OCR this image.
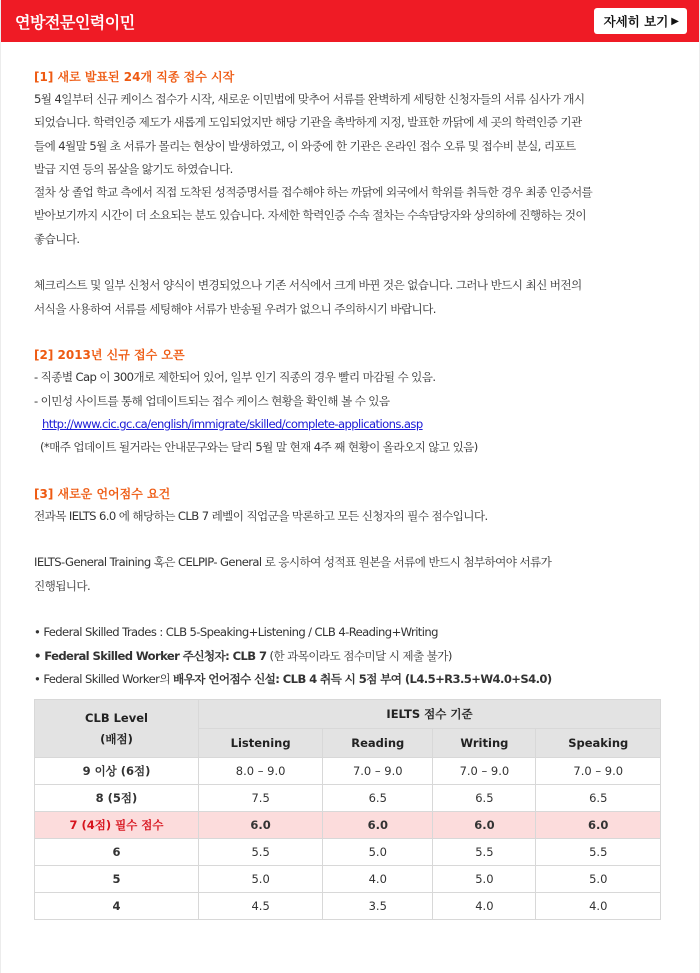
연방전문인력이민	자세히 보기 ▶
[1] 새로 발표된 24개 직종 접수 시작
5월 4일부터 신규 케이스 접수가 시작, 새로운 이민법에 맞추어 서류를 완벽하게 세팅한 신청자들의 서류 심사가 개시
되었습니다. 학력인증 제도가 새롭게 도입되었지만 해당 기관을 촉박하게 지정, 발표한 까닭에 세 곳의 학력인증 기관
들에 4월말 5월 초 서류가 몰리는 현상이 발생하였고, 이 와중에 한 기관은 온라인 접수 오류 및 접수비 분실, 리포트
발급 지연 등의 몸살을 앓기도 하였습니다.
절차 상 졸업 학교 측에서 직접 도착된 성적증명서를 접수해야 하는 까닭에 외국에서 학위를 취득한 경우 최종 인증서를
받아보기까지 시간이 더 소요되는 분도 있습니다. 자세한 학력인증 수속 절차는 수속담당자와 상의하에 진행하는 것이
좋습니다.
체크리스트 및 일부 신청서 양식이 변경되었으나 기존 서식에서 크게 바뀐 것은 없습니다. 그러나 반드시 최신 버전의
서식을 사용하여 서류를 세팅해야 서류가 반송될 우려가 없으니 주의하시기 바랍니다.
[2] 2013년 신규 접수 오픈
- 직종별 Cap 이 300개로 제한되어 있어, 일부 인기 직종의 경우 빨리 마감될 수 있음.
- 이민성 사이트를 통해 업데이트되는 접수 케이스 현황을 확인해 볼 수 있음
http://www.cic.gc.ca/english/immigrate/skilled/complete-applications.asp
(*매주 업데이트 될거라는 안내문구와는 달리 5월 말 현재 4주 째 현황이 올라오지 않고 있음)
[3] 새로운 언어점수 요건
전과목 IELTS 6.0 에 해당하는 CLB 7 레벨이 직업군을 막론하고 모든 신청자의 필수 점수입니다.
IELTS-General Training 혹은 CELPIP- General 로 응시하여 성적표 원본을 서류에 반드시 첨부하여야 서류가
진행됩니다.
• Federal Skilled Trades : CLB 5-Speaking+Listening / CLB 4-Reading+Writing
• Federal Skilled Worker 주신청자: CLB 7 (한 과목이라도 점수미달 시 제출 불가)
• Federal Skilled Worker의 배우자 언어점수 신설: CLB 4 취득 시 5점 부여 (L4.5+R3.5+W4.0+S4.0)
CLB Level
(배점)	IELTS 점수 기준			
	Listening	Reading	Writing	Speaking
9 이상 (6점)	8.0 – 9.0	7.0 – 9.0	7.0 – 9.0	7.0 – 9.0
8 (5점)	7.5	6.5	6.5	6.5
7 (4점) 필수 점수	6.0	6.0	6.0	6.0
6	5.5	5.0	5.5	5.5
5	5.0	4.0	5.0	5.0
4	4.5	3.5	4.0	4.0
